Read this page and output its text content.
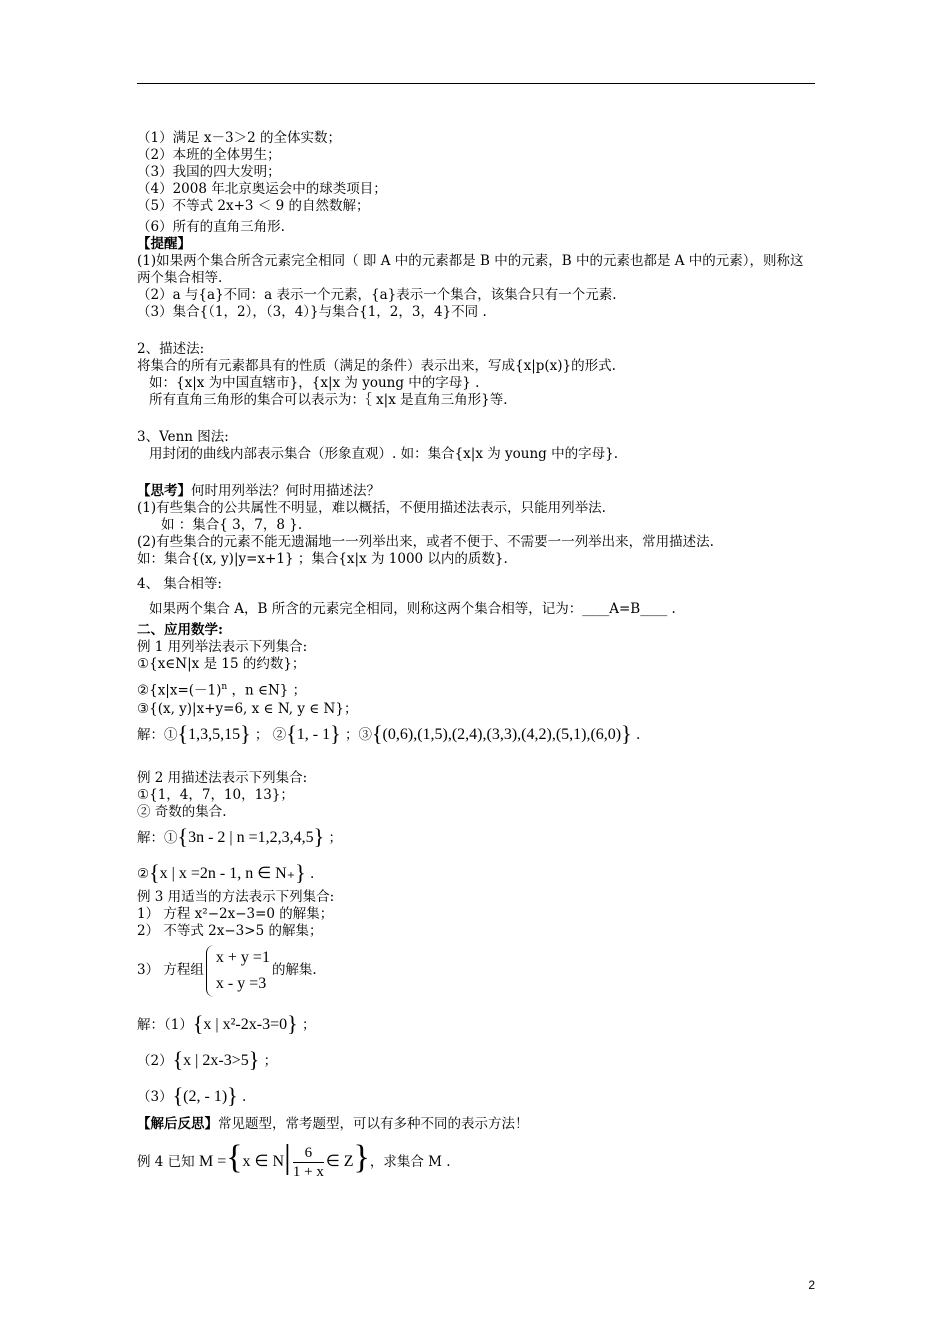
（1）满足 x－3＞2 的全体实数；

（2）本班的全体男生；

（3）我国的四大发明；

（4）2008 年北京奥运会中的球类项目；

（5）不等式 2x+3 ＜ 9 的自然数解；

（6）所有的直角三角形.

【提醒】

(1)如果两个集合所含元素完全相同（ 即 A 中的元素都是 B 中的元素，B 中的元素也都是 A 中的元素），则称这两个集合相等.

（2）a 与{a}不同：a 表示一个元素，{a}表示一个集合，该集合只有一个元素.

（3）集合{（1，2），（3，4）}与集合{1，2，3，4}不同 .

2、描述法:

将集合的所有元素都具有的性质（满足的条件）表示出来，写成{x|p(x)}的形式.

如：{x|x 为中国直辖市}，{x|x 为 young 中的字母} .

所有直角三角形的集合可以表示为：｛ x|x 是直角三角形}等.

3、Venn 图法:

用封闭的曲线内部表示集合（形象直观）. 如：集合{x|x 为 young 中的字母}.

【思考】何时用列举法？何时用描述法？

(1)有些集合的公共属性不明显，难以概括，不便用描述法表示，只能用列举法.

如 ：集合{ 3，7，8 }.

(2)有些集合的元素不能无遗漏地一一列举出来，或者不便于、不需要一一列举出来，常用描述法.

如：集合{(x, y)|y=x+1} ；集合{x|x 为 1000 以内的质数}.

4、 集合相等:

如果两个集合 A，B 所含的元素完全相同，则称这两个集合相等，记为：____A=B____ .

二、应用数学:

例 1 用列举法表示下列集合:

①{x∈N|x 是 15 的约数}；

$②\{x|x=(-1)^n$ ，n ∈N} ；

③{(x, y)|x+y=6, x ∈ N, y ∈ N}；

解：①{1,3,5,15} ； ②{1, - 1} ；③{(0,6),(1,5),(2,4),(3,3),(4,2),(5,1),(6,0)} .

例 2 用描述法表示下列集合:

①{1，4，7，10，13}；

② 奇数的集合.

解：①{3n - 2 | n =1,2,3,4,5} ；

②{x | x =2n - 1, n ∈ N₊} .

例 3 用适当的方法表示下列集合:

1） 方程 x²−2x−3=0 的解集；

2） 不等式 2x−3>5 的解集；

3） 方程组
x + y =1
x - y =3
的解集.

解：（1）{x | x²-2x-3=0} ；

（2）{x | 2x-3>5} ；

（3）{(2, - 1)} .

【解后反思】常见题型，常考题型，可以有多种不同的表示方法！

例 4 已知 M ={x ∈ $N| \frac{6}{1 + x}$ ∈ Z}，求集合 M .

2
